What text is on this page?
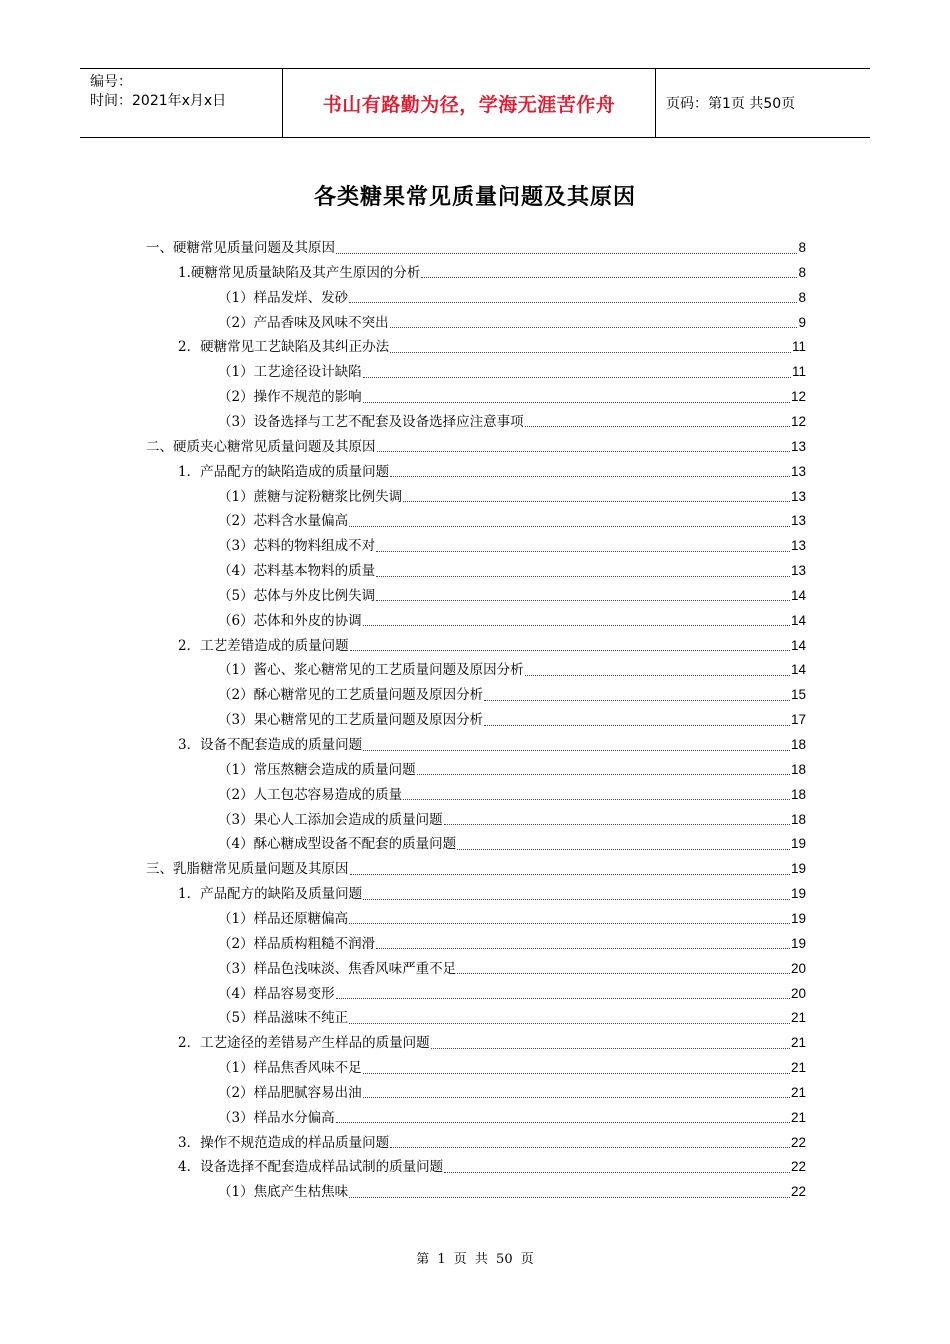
编号：
时间：2021年x月x日	书山有路勤为径，学海无涯苦作舟	页码：第1页 共50页
各类糖果常见质量问题及其原因
一、硬糖常见质量问题及其原因	8
1.硬糖常见质量缺陷及其产生原因的分析	8
（1）样品发烊、发砂	8
（2）产品香味及风味不突出	9
2．硬糖常见工艺缺陷及其纠正办法	11
（1）工艺途径设计缺陷	11
（2）操作不规范的影响	12
（3）设备选择与工艺不配套及设备选择应注意事项	12
二、硬质夹心糖常见质量问题及其原因	13
1．产品配方的缺陷造成的质量问题	13
（1）蔗糖与淀粉糖浆比例失调	13
（2）芯料含水量偏高	13
（3）芯料的物料组成不对	13
（4）芯料基本物料的质量	13
（5）芯体与外皮比例失调	14
（6）芯体和外皮的协调	14
2．工艺差错造成的质量问题	14
（1）酱心、浆心糖常见的工艺质量问题及原因分析	14
（2）酥心糖常见的工艺质量问题及原因分析	15
（3）果心糖常见的工艺质量问题及原因分析	17
3．设备不配套造成的质量问题	18
（1）常压熬糖会造成的质量问题	18
（2）人工包芯容易造成的质量	18
（3）果心人工添加会造成的质量问题	18
（4）酥心糖成型设备不配套的质量问题	19
三、乳脂糖常见质量问题及其原因	19
1．产品配方的缺陷及质量问题	19
（1）样品还原糖偏高	19
（2）样品质构粗糙不润滑	19
（3）样品色浅味淡、焦香风味严重不足	20
（4）样品容易变形	20
（5）样品滋味不纯正	21
2．工艺途径的差错易产生样品的质量问题	21
（1）样品焦香风味不足	21
（2）样品肥腻容易出油	21
（3）样品水分偏高	21
3．操作不规范造成的样品质量问题	22
4．设备选择不配套造成样品试制的质量问题	22
（1）焦底产生枯焦味	22
第 1 页 共 50 页
